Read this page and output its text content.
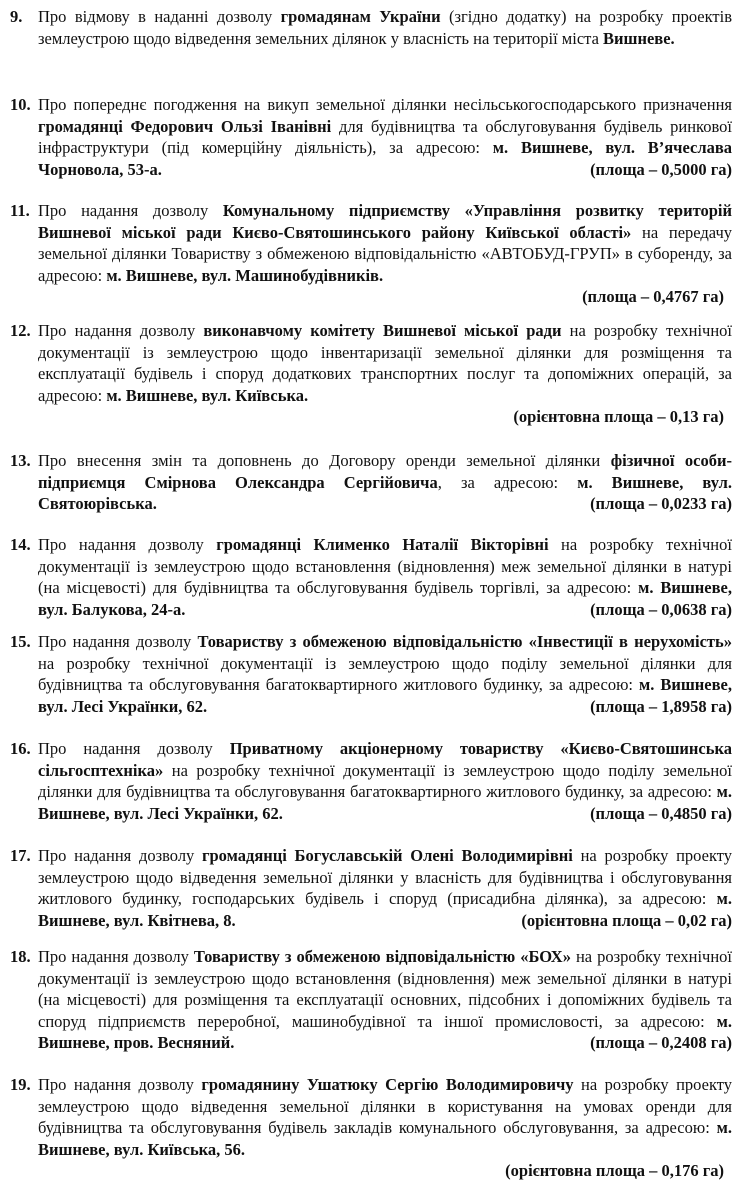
9. Про відмову в наданні дозволу громадянам України (згідно додатку) на розробку проектів землеустрою щодо відведення земельних ділянок у власність на території міста Вишневе.
10. Про попереднє погодження на викуп земельної ділянки несільськогосподарського призначення громадянці Федорович Ользі Іванівні для будівництва та обслуговування будівель ринкової інфраструктури (під комерційну діяльність), за адресою: м. Вишневе, вул. В’ячеслава Чорновола, 53-а.	(площа – 0,5000 га)
11. Про надання дозволу Комунальному підприємству «Управління розвитку територій Вишневої міської ради Києво-Святошинського району Київської області» на передачу земельної ділянки Товариству з обмеженою відповідальністю «АВТОБУД-ГРУП» в суборенду, за адресою: м. Вишневе, вул. Машинобудівників.
(площа – 0,4767 га)
12. Про надання дозволу виконавчому комітету Вишневої міської ради на розробку технічної документації із землеустрою щодо інвентаризації земельної ділянки для розміщення та експлуатації будівель і споруд додаткових транспортних послуг та допоміжних операцій, за адресою: м. Вишневе, вул. Київська.
(орієнтовна площа – 0,13 га)
13. Про внесення змін та доповнень до Договору оренди земельної ділянки фізичної особи-підприємця Смірнова Олександра Сергійовича, за адресою: м. Вишневе, вул. Святоюрівська.	(площа – 0,0233 га)
14. Про надання дозволу громадянці Клименко Наталії Вікторівні на розробку технічної документації із землеустрою щодо встановлення (відновлення) меж земельної ділянки в натурі (на місцевості) для будівництва та обслуговування будівель торгівлі, за адресою: м. Вишневе, вул. Балукова, 24-а.	(площа – 0,0638 га)
15. Про надання дозволу Товариству з обмеженою відповідальністю «Інвестиції в нерухомість» на розробку технічної документації із землеустрою щодо поділу земельної ділянки для будівництва та обслуговування багатоквартирного житлового будинку, за адресою: м. Вишневе, вул. Лесі Українки, 62.	(площа – 1,8958 га)
16. Про надання дозволу Приватному акціонерному товариству «Києво-Святошинська сільгосптехніка» на розробку технічної документації із землеустрою щодо поділу земельної ділянки для будівництва та обслуговування багатоквартирного житлового будинку, за адресою: м. Вишневе, вул. Лесі Українки, 62.	(площа – 0,4850 га)
17. Про надання дозволу громадянці Богуславській Олені Володимирівні на розробку проекту землеустрою щодо відведення земельної ділянки у власність для будівництва і обслуговування житлового будинку, господарських будівель і споруд (присадибна ділянка), за адресою: м. Вишневе, вул. Квітнева, 8.	(орієнтовна площа – 0,02 га)
18. Про надання дозволу Товариству з обмеженою відповідальністю «БОХ» на розробку технічної документації із землеустрою щодо встановлення (відновлення) меж земельної ділянки в натурі (на місцевості) для розміщення та експлуатації основних, підсобних і допоміжних будівель та споруд підприємств переробної, машинобудівної та іншої промисловості, за адресою: м. Вишневе, пров. Весняний.	(площа – 0,2408 га)
19. Про надання дозволу громадянину Ушатюку Сергію Володимировичу на розробку проекту землеустрою щодо відведення земельної ділянки в користування на умовах оренди для будівництва та обслуговування будівель закладів комунального обслуговування, за адресою: м. Вишневе, вул. Київська, 56.
(орієнтовна площа – 0,176 га)
